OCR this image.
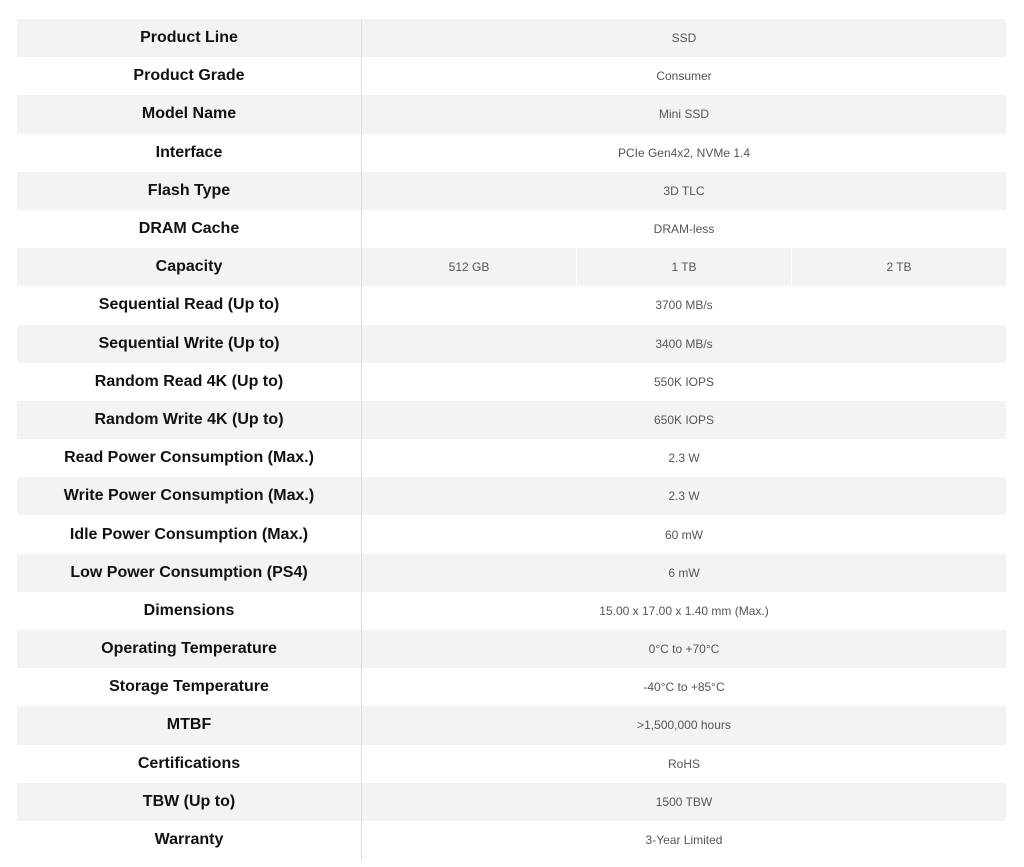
Product Line	SSD
Product Grade	Consumer
Model Name	Mini SSD
Interface	PCIe Gen4x2, NVMe 1.4
Flash Type	3D TLC
DRAM Cache	DRAM-less
Capacity	512 GB	1 TB	2 TB
Sequential Read (Up to)	3700 MB/s
Sequential Write (Up to)	3400 MB/s
Random Read 4K (Up to)	550K IOPS
Random Write 4K (Up to)	650K IOPS
Read Power Consumption (Max.)	2.3 W
Write Power Consumption (Max.)	2.3 W
Idle Power Consumption (Max.)	60 mW
Low Power Consumption (PS4)	6 mW
Dimensions	15.00 x 17.00 x 1.40 mm (Max.)
Operating Temperature	0°C to +70°C
Storage Temperature	-40°C to +85°C
MTBF	>1,500,000 hours
Certifications	RoHS
TBW (Up to)	1500 TBW
Warranty	3-Year Limited
